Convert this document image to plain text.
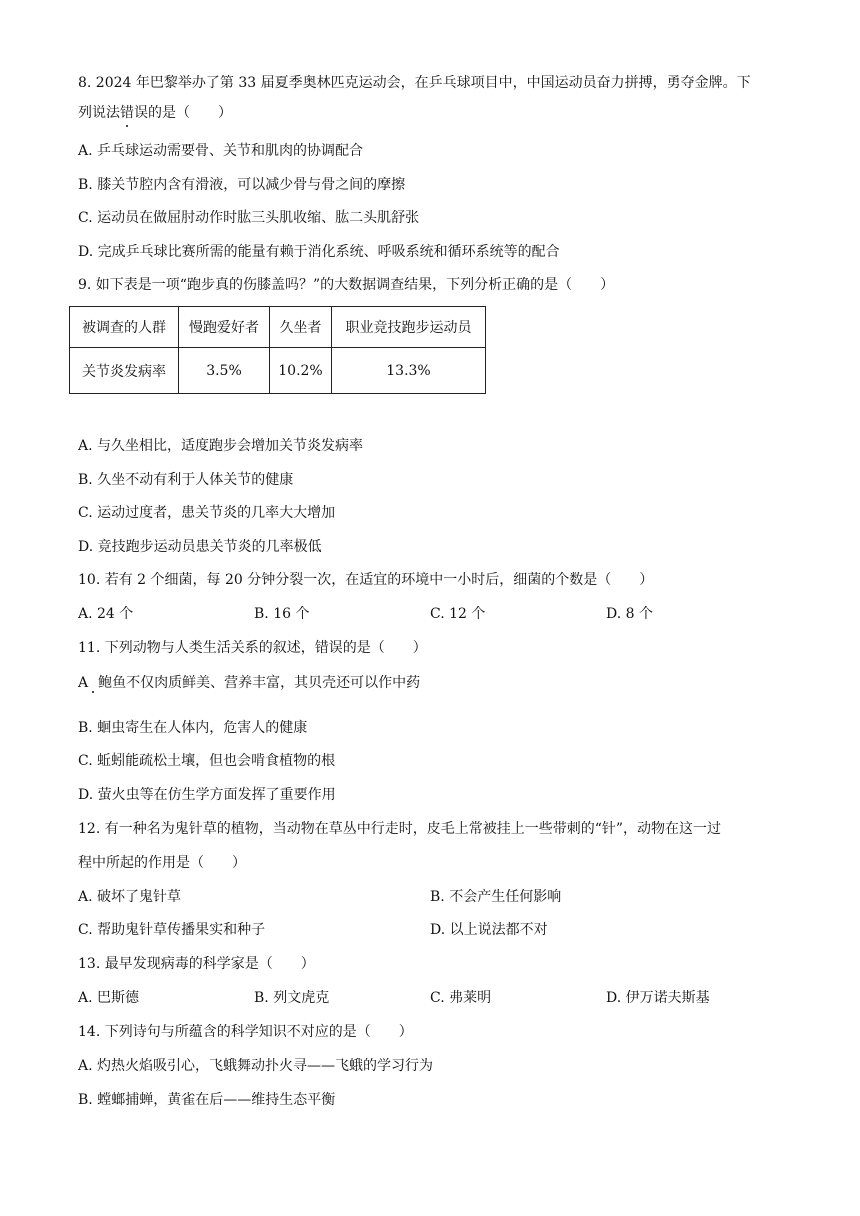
8. 2024 年巴黎举办了第 33 届夏季奥林匹克运动会，在乒乓球项目中，中国运动员奋力拼搏，勇夺金牌。下
列说法错误的是（　　）
A. 乒乓球运动需要骨、关节和肌肉的协调配合
B. 膝关节腔内含有滑液，可以减少骨与骨之间的摩擦
C. 运动员在做屈肘动作时肱三头肌收缩、肱二头肌舒张
D. 完成乒乓球比赛所需的能量有赖于消化系统、呼吸系统和循环系统等的配合
9. 如下表是一项“跑步真的伤膝盖吗？”的大数据调查结果，下列分析正确的是（　　）
被调查的人群	慢跑爱好者	久坐者	职业竞技跑步运动员
关节炎发病率	3.5%	10.2%	13.3%
A. 与久坐相比，适度跑步会增加关节炎发病率
B. 久坐不动有利于人体关节的健康
C. 运动过度者，患关节炎的几率大大增加
D. 竞技跑步运动员患关节炎的几率极低
10. 若有 2 个细菌，每 20 分钟分裂一次，在适宜的环境中一小时后，细菌的个数是（　　）
A. 24 个	B. 16 个	C. 12 个	D. 8 个
11. 下列动物与人类生活关系的叙述，错误的是（　　）
A 鲍鱼不仅肉质鲜美、营养丰富，其贝壳还可以作中药
B. 蛔虫寄生在人体内，危害人的健康
C. 蚯蚓能疏松土壤，但也会啃食植物的根
D. 萤火虫等在仿生学方面发挥了重要作用
12. 有一种名为鬼针草的植物，当动物在草丛中行走时，皮毛上常被挂上一些带刺的“针”，动物在这一过
程中所起的作用是（　　）
A. 破坏了鬼针草	B. 不会产生任何影响
C. 帮助鬼针草传播果实和种子	D. 以上说法都不对
13. 最早发现病毒的科学家是（　　）
A. 巴斯德	B. 列文虎克	C. 弗莱明	D. 伊万诺夫斯基
14. 下列诗句与所蕴含的科学知识不对应的是（　　）
A. 灼热火焰吸引心，飞蛾舞动扑火寻——飞蛾的学习行为
B. 螳螂捕蝉，黄雀在后——维持生态平衡
